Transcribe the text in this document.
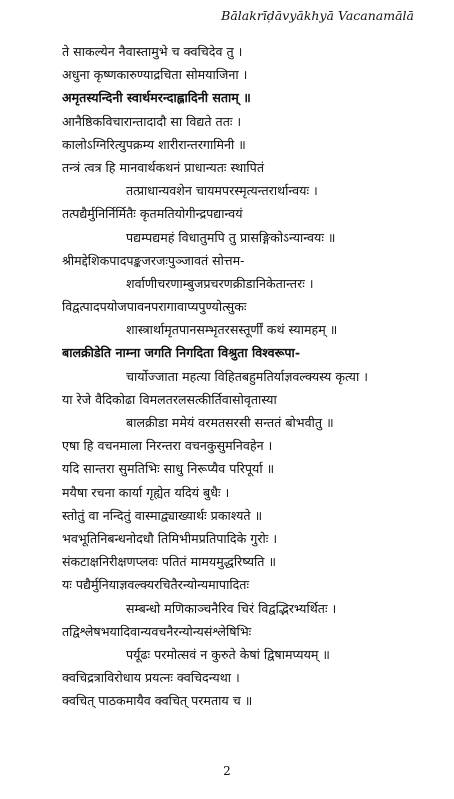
Bālakrīḍāvyākhyā Vacanamālā
ते साकल्येन नैवास्तामुभे च क्वचिदेव तु ।
अधुना कृष्णकारुण्याद्रचिता सोमयाजिना ।
अमृतस्यन्दिनी स्वार्थमरन्दाह्लादिनी सताम् ॥
आनैष्ठिकविचारान्तादादौ सा विद्यते ततः ।
कालोऽग्निरित्युपक्रम्य शारीरान्तरगामिनी ॥
तन्त्रं त्वत्र हि मानवार्थकथनं प्राधान्यतः स्थापितं
तत्प्राधान्यवशेन चायमपरस्मृत्यन्तरार्थान्वयः ।
तत्पद्यैर्मुनिर्निर्मितैः कृतमतियोगीन्द्रपद्यान्वयं
पद्यम्पद्यमहं विधातुमपि तु प्रासङ्गिकोऽन्यान्वयः ॥
श्रीमद्देशिकपादपङ्कजरजःपुञ्जावतं सोत्तम-
शर्वाणीचरणाम्बुजप्रचरणक्रीडानिकेतान्तरः ।
विद्वत्पादपयोजपावनपरागावाप्यपुण्योत्सुकः
शास्त्रार्थामृतपानसम्भृतरसस्तूर्णीं कथं स्यामहम् ॥
बालक्रीडेति नाम्ना जगति निगदिता विश्रुता विश्वरूपा-
चार्योज्जाता महत्या विहितबहुमतिर्याज्ञवल्क्यस्य कृत्या ।
या रेजे वैदिकोढा विमलतरलसत्कीर्तिवासोवृतास्या
बालक्रीडा ममेयं वरमतसरसी सन्ततं बोभवीतु ॥
एषा हि वचनमाला निरन्तरा वचनकुसुमनिवहेन ।
यदि सान्तरा सुमतिभिः साधु निरूप्यैव परिपूर्या ॥
मयैषा रचना कार्या गृह्येत यदियं बुधैः ।
स्तोतुं वा नन्दितुं वास्माद्व्याख्यार्थः प्रकाश्यते ॥
भवभूतिनिबन्धनोदधौ तिमिभीमप्रतिपादिके गुरोः ।
संकटाक्षनिरीक्षणप्लवः पतितं मामयमुद्धरिष्यति ॥
यः पद्यैर्मुनियाज्ञवल्क्यरचितैरन्योन्यमापादितः
सम्बन्धो मणिकाञ्चनैरिव चिरं विद्वद्भिरभ्यर्थितः ।
तद्विश्लेषभयादिवान्यवचनैरन्योन्यसंश्लेषिभिः
पर्यूढः परमोत्सवं न कुरुते केषां द्विषामप्ययम् ॥
क्वचिद्रत्राविरोधाय प्रयत्नः क्वचिदन्यथा ।
क्वचित् पाठकमायैव क्वचित् परमताय च ॥
2
